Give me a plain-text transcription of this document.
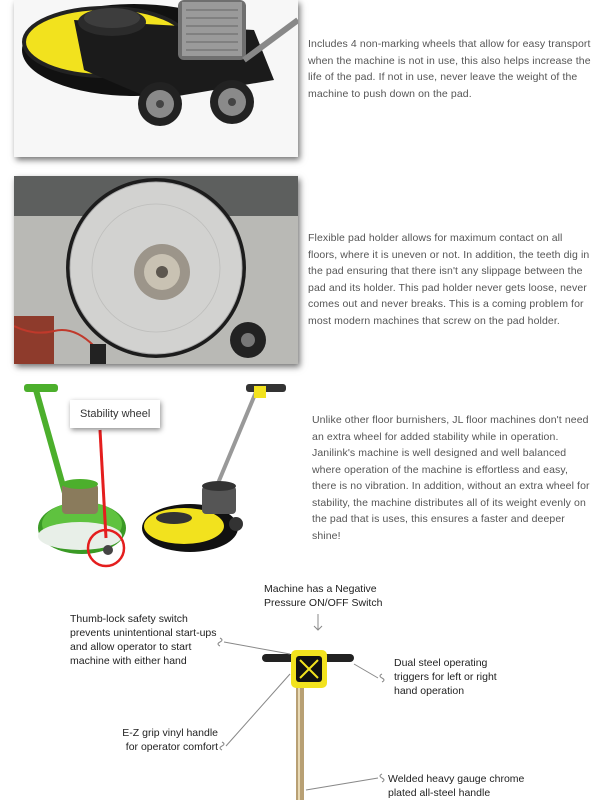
Includes 4 non-marking wheels that allow for easy transport when the machine is not in use, this also helps increase the life of the pad. If not in use, never leave the weight of the machine to push down on the pad.
Flexible pad holder allows for maximum contact on all floors, where it is uneven or not. In addition, the teeth dig in the pad ensuring that there isn't any slippage between the pad and its holder. This pad holder never gets loose, never comes out and never breaks. This is a coming problem for most modern machines that screw on the pad holder.
Stability wheel	Unlike other floor burnishers, JL floor machines don't need an extra wheel for added stability while in operation. Janilink's machine is well designed and well balanced where operation of the machine is effortless and easy, there is no vibration. In addition, without an extra wheel for stability, the machine distributes all of its weight evenly on the pad that is uses, this ensures a faster and deeper shine!
Machine has a Negative Pressure ON/OFF Switch
Thumb-lock safety switch prevents unintentional start-ups and allow operator to start machine with either hand	Dual steel operating triggers for left or right hand operation
E-Z grip vinyl handle for operator comfort
Welded heavy gauge chrome plated all-steel handle
